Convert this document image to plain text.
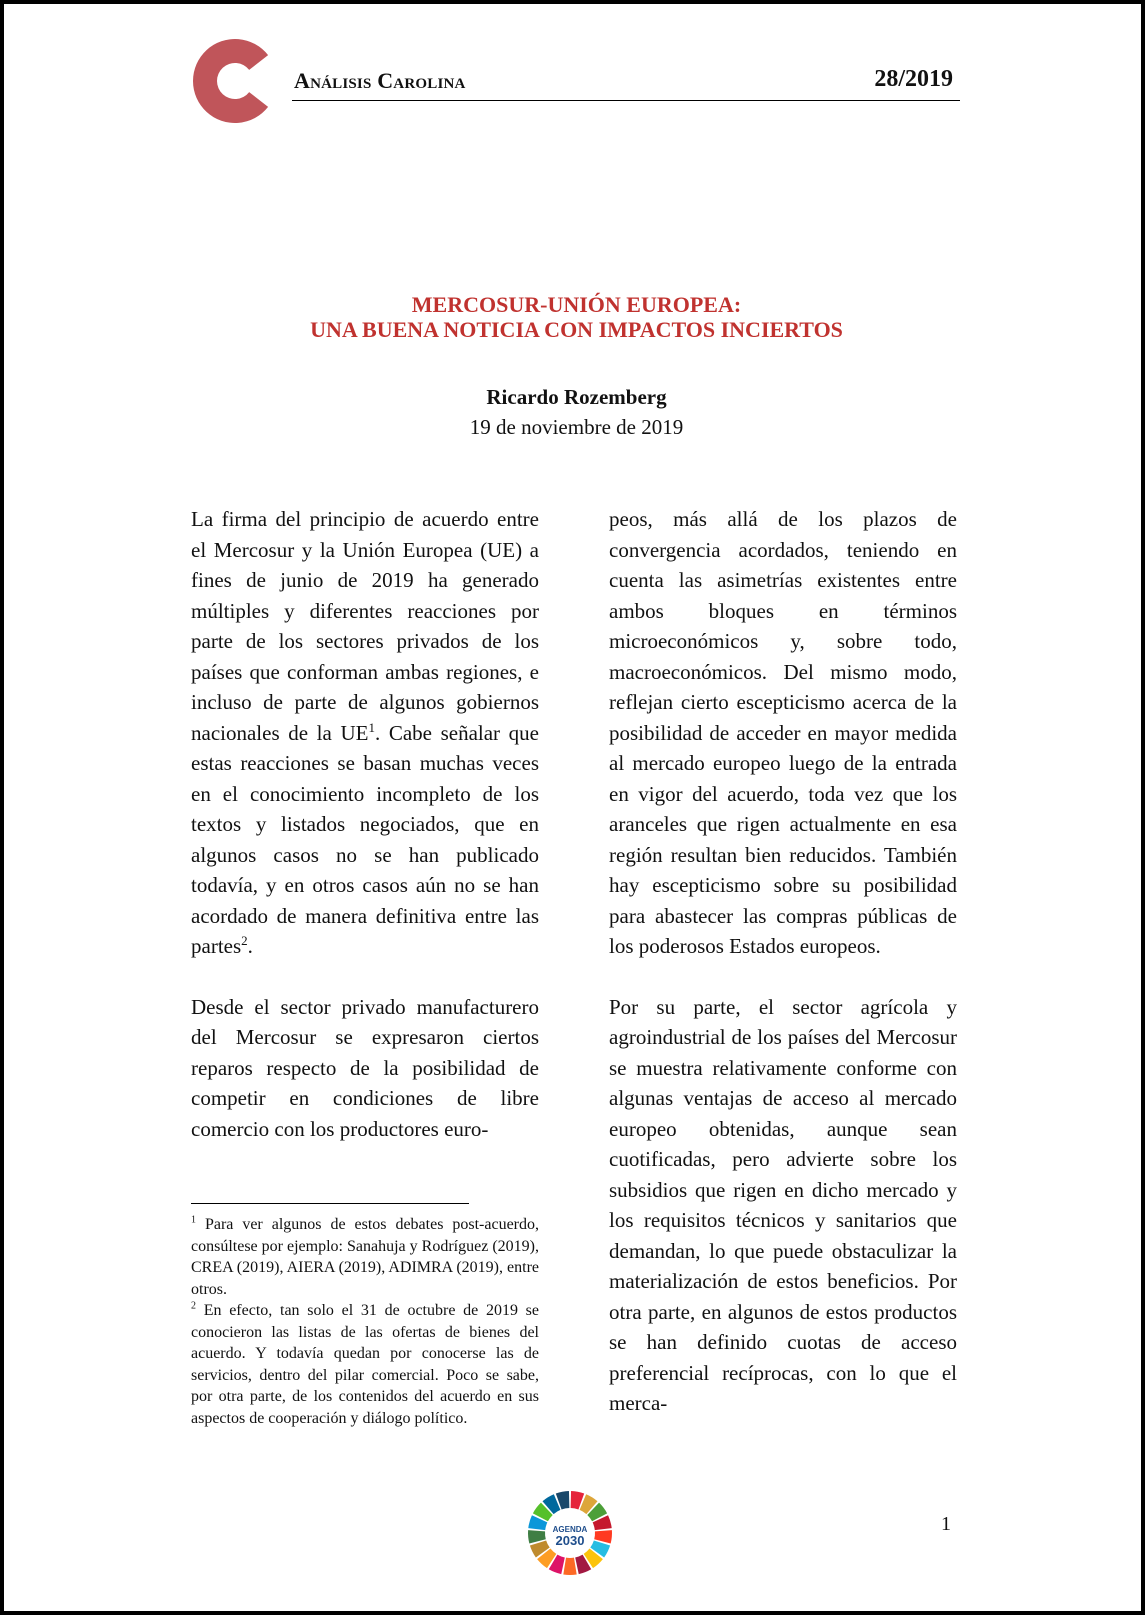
Análisis Carolina	28/2019
MERCOSUR-UNIÓN EUROPEA:
UNA BUENA NOTICIA CON IMPACTOS INCIERTOS
Ricardo Rozemberg
19 de noviembre de 2019

La firma del principio de acuerdo entre el Mercosur y la Unión Europea (UE) a fines de junio de 2019 ha generado múltiples y diferentes reacciones por parte de los sectores privados de los países que conforman ambas regiones, e incluso de parte de algunos gobiernos nacionales de la $UE^1$. Cabe señalar que estas reacciones se basan muchas veces en el conocimiento incompleto de los textos y listados negociados, que en algunos casos no se han publicado todavía, y en otros casos aún no se han acordado de manera definitiva entre las partes$^2$.

Desde el sector privado manufacturero del Mercosur se expresaron ciertos reparos respecto de la posibilidad de competir en condiciones de libre comercio con los productores euro-

peos, más allá de los plazos de convergencia acordados, teniendo en cuenta las asimetrías existentes entre ambos bloques en términos microeconómicos y, sobre todo, macroeconómicos. Del mismo modo, reflejan cierto escepticismo acerca de la posibilidad de acceder en mayor medida al mercado europeo luego de la entrada en vigor del acuerdo, toda vez que los aranceles que rigen actualmente en esa región resultan bien reducidos. También hay escepticismo sobre su posibilidad para abastecer las compras públicas de los poderosos Estados europeos.

Por su parte, el sector agrícola y agroindustrial de los países del Mercosur se muestra relativamente conforme con algunas ventajas de acceso al mercado europeo obtenidas, aunque sean cuotificadas, pero advierte sobre los subsidios que rigen en dicho mercado y los requisitos técnicos y sanitarios que demandan, lo que puede obstaculizar la materialización de estos beneficios. Por otra parte, en algunos de estos productos se han definido cuotas de acceso preferencial recíprocas, con lo que el merca-

$^1$ Para ver algunos de estos debates post-acuerdo, consúltese por ejemplo: Sanahuja y Rodríguez (2019), CREA (2019), AIERA (2019), ADIMRA (2019), entre otros.

$^2$ En efecto, tan solo el 31 de octubre de 2019 se conocieron las listas de las ofertas de bienes del acuerdo. Y todavía quedan por conocerse las de servicios, dentro del pilar comercial. Poco se sabe, por otra parte, de los contenidos del acuerdo en sus aspectos de cooperación y diálogo político.

AGENDA
2030
1
